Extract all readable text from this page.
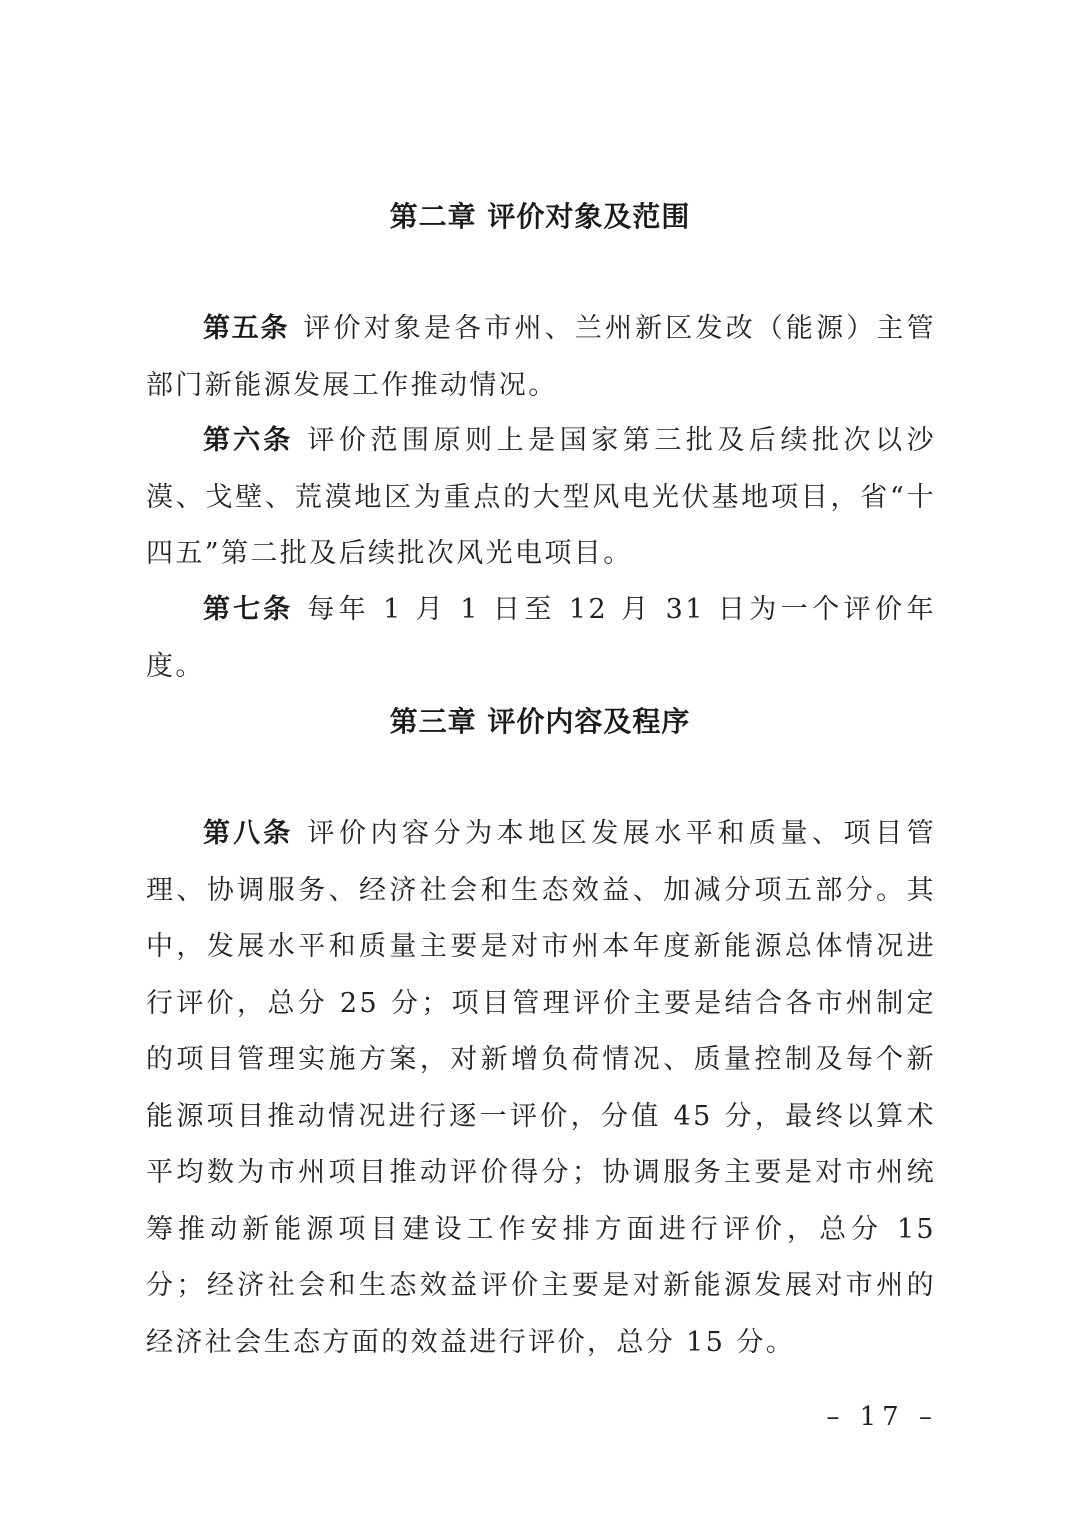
第二章 评价对象及范围

第五条 评价对象是各市州、兰州新区发改（能源）主管部门新能源发展工作推动情况。

第六条 评价范围原则上是国家第三批及后续批次以沙漠、戈壁、荒漠地区为重点的大型风电光伏基地项目，省“十四五”第二批及后续批次风光电项目。

第七条 每年 1 月 1 日至 12 月 31 日为一个评价年度。

第三章 评价内容及程序

第八条 评价内容分为本地区发展水平和质量、项目管理、协调服务、经济社会和生态效益、加减分项五部分。其中，发展水平和质量主要是对市州本年度新能源总体情况进行评价，总分 25 分；项目管理评价主要是结合各市州制定的项目管理实施方案，对新增负荷情况、质量控制及每个新能源项目推动情况进行逐一评价，分值 45 分，最终以算术平均数为市州项目推动评价得分；协调服务主要是对市州统筹推动新能源项目建设工作安排方面进行评价，总分 15 分；经济社会和生态效益评价主要是对新能源发展对市州的经济社会生态方面的效益进行评价，总分 15 分。

– 17 –
